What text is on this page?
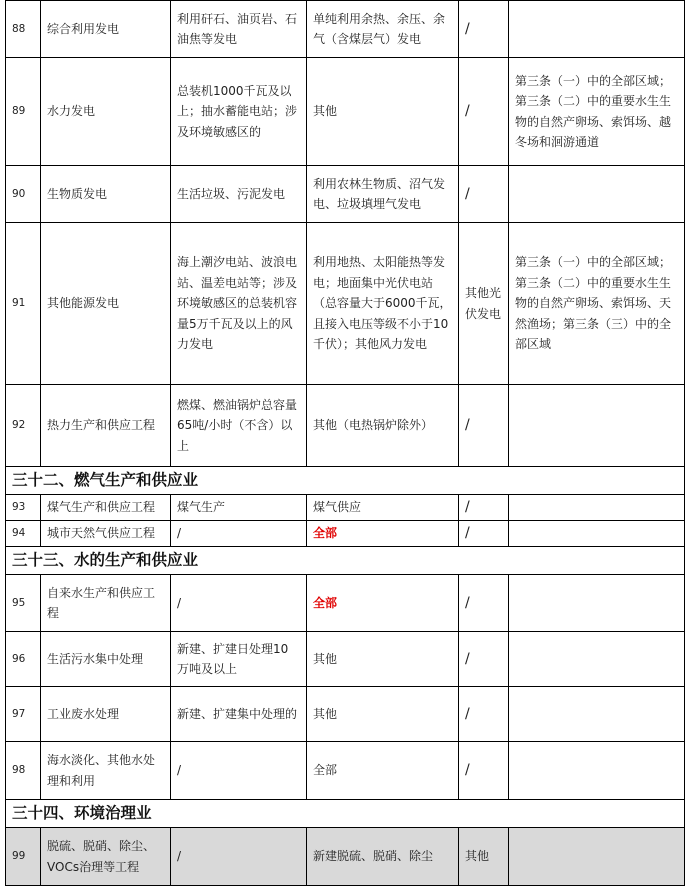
88	综合利用发电	利用矸石、油页岩、石油焦等发电	单纯利用余热、余压、余气（含煤层气）发电	/	
89	水力发电	总装机1000千瓦及以上；抽水蓄能电站；涉及环境敏感区的	其他	/	第三条（一）中的全部区域；第三条（二）中的重要水生生物的自然产卵场、索饵场、越冬场和洄游通道
90	生物质发电	生活垃圾、污泥发电	利用农林生物质、沼气发电、垃圾填埋气发电	/	
91	其他能源发电	海上潮汐电站、波浪电站、温差电站等；涉及环境敏感区的总装机容量5万千瓦及以上的风力发电	利用地热、太阳能热等发电；地面集中光伏电站（总容量大于6000千瓦，且接入电压等级不小于10千伏）；其他风力发电	其他光伏发电	第三条（一）中的全部区域；第三条（二）中的重要水生生物的自然产卵场、索饵场、天然渔场；第三条（三）中的全部区域
92	热力生产和供应工程	燃煤、燃油锅炉总容量65吨/小时（不含）以上	其他（电热锅炉除外）	/	
三十二、燃气生产和供应业					
93	煤气生产和供应工程	煤气生产	煤气供应	/	
94	城市天然气供应工程	/	全部	/	
三十三、水的生产和供应业					
95	自来水生产和供应工程	/	全部	/	
96	生活污水集中处理	新建、扩建日处理10万吨及以上	其他	/	
97	工业废水处理	新建、扩建集中处理的	其他	/	
98	海水淡化、其他水处理和利用	/	全部	/	
三十四、环境治理业					
99	脱硫、脱硝、除尘、VOCs治理等工程	/	新建脱硫、脱硝、除尘	其他	
